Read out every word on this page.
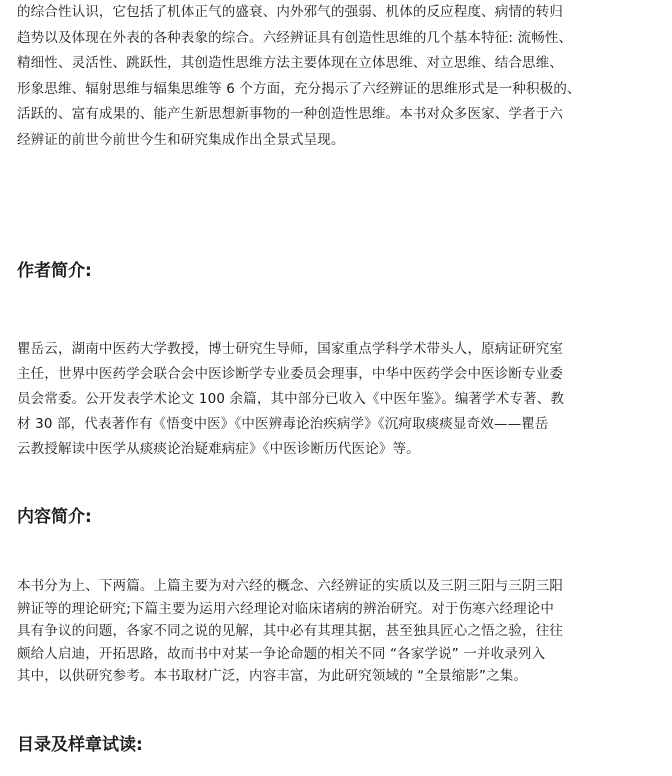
的综合性认识，它包括了机体正气的盛衰、内外邪气的强弱、机体的反应程度、病情的转归
趋势以及体现在外表的各种表象的综合。六经辨证具有创造性思维的几个基本特征: 流畅性、
精细性、灵活性、跳跃性，其创造性思维方法主要体现在立体思维、对立思维、结合思维、
形象思维、辐射思维与辐集思维等 6 个方面，充分揭示了六经辨证的思维形式是一种积极的、
活跃的、富有成果的、能产生新思想新事物的一种创造性思维。本书对众多医家、学者于六
经辨证的前世今前世今生和研究集成作出全景式呈现。
作者简介:
瞿岳云，湖南中医药大学教授，博士研究生导师，国家重点学科学术带头人，原病证研究室
主任，世界中医药学会联合会中医诊断学专业委员会理事，中华中医药学会中医诊断专业委
员会常委。公开发表学术论文 100 余篇，其中部分已收入《中医年鉴》。编著学术专著、教
材 30 部，代表著作有《悟变中医》《中医辨毒论治疾病学》《沉疴取痰痰显奇效——瞿岳
云教授解读中医学从痰痰论治疑难病症》《中医诊断历代医论》等。
内容简介:
本书分为上、下两篇。上篇主要为对六经的概念、六经辨证的实质以及三阴三阳与三阴三阳
辨证等的理论研究;下篇主要为运用六经理论对临床诸病的辨治研究。对于伤寒六经理论中
具有争议的问题，各家不同之说的见解，其中必有其理其据，甚至独具匠心之悟之验，往往
颇给人启迪，开拓思路，故而书中对某一争论命题的相关不同 “各家学说” 一并收录列入
其中，以供研究参考。本书取材广泛，内容丰富，为此研究领域的 “全景缩影”之集。
目录及样章试读:
